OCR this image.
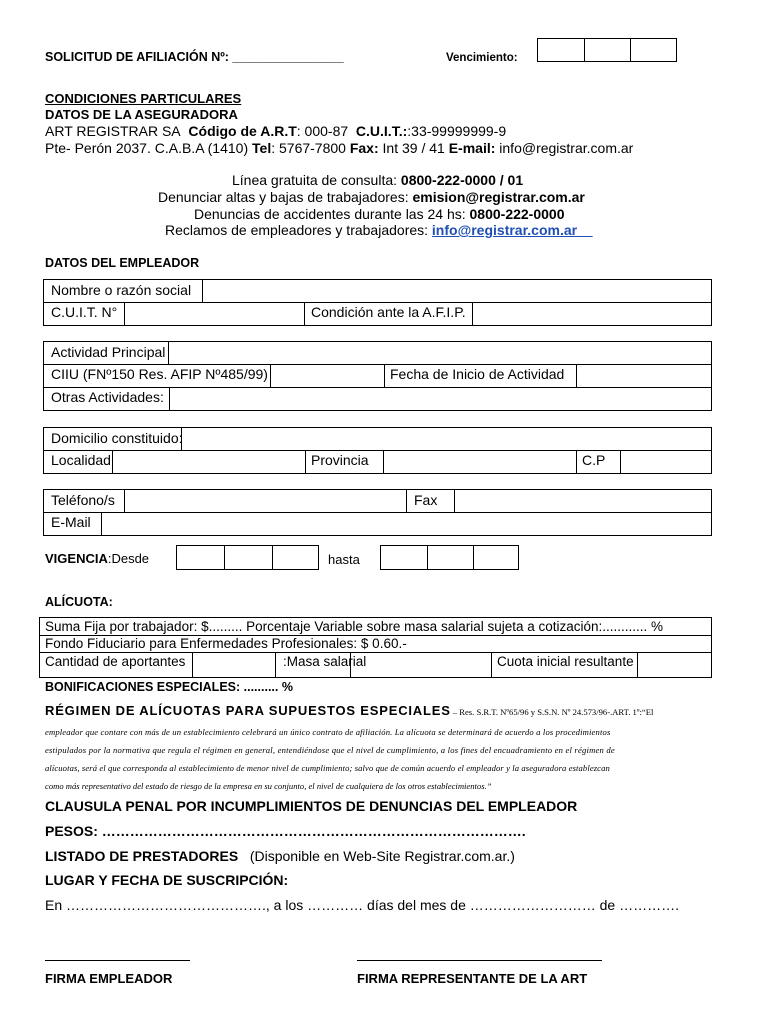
SOLICITUD DE AFILIACIÓN Nº: ________________	Vencimiento:
CONDICIONES PARTICULARES
DATOS DE LA ASEGURADORA
ART REGISTRAR SA Código de A.R.T: 000-87 C.U.I.T.::33-99999999-9
Pte- Perón 2037. C.A.B.A (1410) Tel: 5767-7800 Fax: Int 39 / 41 E-mail: info@registrar.com.ar
Línea gratuita de consulta: 0800-222-0000 / 01
Denunciar altas y bajas de trabajadores: emision@registrar.com.ar
Denuncias de accidentes durante las 24 hs: 0800-222-0000
Reclamos de empleadores y trabajadores: info@registrar.com.ar
DATOS DEL EMPLEADOR
Nombre o razón social
C.U.I.T. N°	Condición ante la A.F.I.P.
Actividad Principal
CIIU (FNº150 Res. AFIP Nº485/99)	Fecha de Inicio de Actividad
Otras Actividades:
Domicilio constituido:
Localidad	Provincia	C.P
Teléfono/s	Fax
E-Mail
VIGENCIA:Desde	hasta
ALÍCUOTA:
Suma Fija por trabajador: $......... Porcentaje Variable sobre masa salarial sujeta a cotización:............ %
Fondo Fiduciario para Enfermedades Profesionales: $ 0.60.-
Cantidad de aportantes	:Masa salarial	Cuota inicial resultante
BONIFICACIONES ESPECIALES: .......... %
RÉGIMEN DE ALÍCUOTAS PARA SUPUESTOS ESPECIALES – Res. S.R.T. Nº65/96 y S.S.N. Nº 24.573/96-.ART. 1º:“El
empleador que contare con más de un establecimiento celebrará un único contrato de afiliación. La alícuota se determinará de acuerdo a los procedimientos
estipulados por la normativa que regula el régimen en general, entendiéndose que el nivel de cumplimiento, a los fines del encuadramiento en el régimen de
alícuotas, será el que corresponda al establecimiento de menor nivel de cumplimiento; salvo que de común acuerdo el empleador y la aseguradora establezcan
como más representativo del estado de riesgo de la empresa en su conjunto, el nivel de cualquiera de los otros establecimientos.”
CLAUSULA PENAL POR INCUMPLIMIENTOS DE DENUNCIAS DEL EMPLEADOR
PESOS: ……………………………………………………………………………….
LISTADO DE PRESTADORES (Disponible en Web-Site Registrar.com.ar.)
LUGAR Y FECHA DE SUSCRIPCIÓN:
En ……………………………………., a los ………… días del mes de ……………………… de ………….
FIRMA EMPLEADOR	FIRMA REPRESENTANTE DE LA ART
